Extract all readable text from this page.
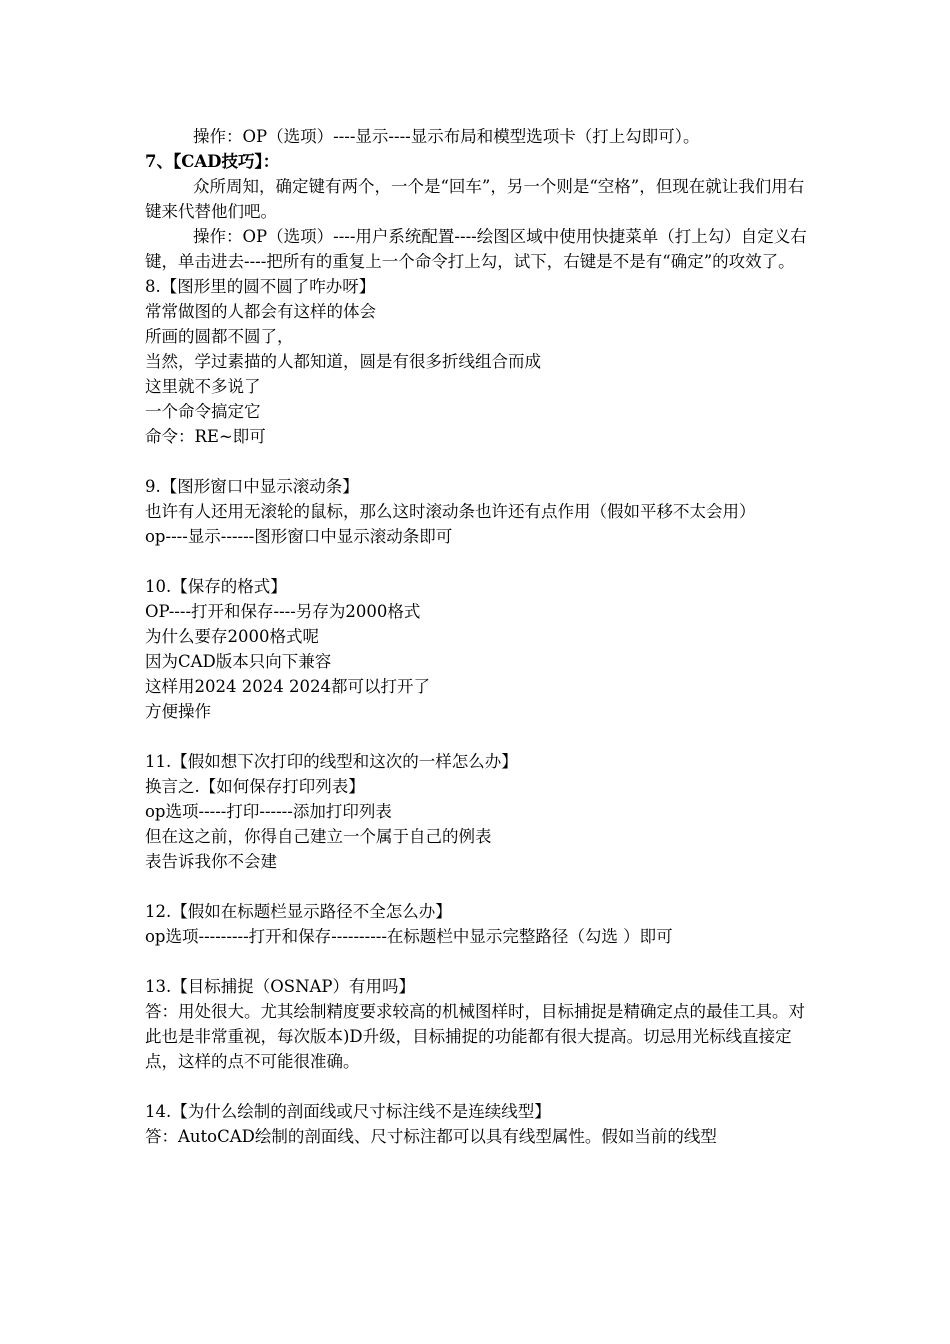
操作：OP（选项）----显示----显示布局和模型选项卡（打上勾即可）。
7、【CAD技巧】：

众所周知，确定键有两个，一个是“回车”，另一个则是“空格”，但现在就让我们用右键来代替他们吧。

操作：OP（选项）----用户系统配置----绘图区域中使用快捷菜单（打上勾）自定义右键，单击进去----把所有的重复上一个命令打上勾，试下，右键是不是有“确定”的攻效了。

8.【图形里的圆不圆了咋办呀】
常常做图的人都会有这样的体会
所画的圆都不圆了，
当然，学过素描的人都知道，圆是有很多折线组合而成
这里就不多说了
一个命令搞定它
命令：RE~即可
9.【图形窗口中显示滚动条】

也许有人还用无滚轮的鼠标，那么这时滚动条也许还有点作用（假如平移不太会用）

op----显示------图形窗口中显示滚动条即可
10.【保存的格式】
OP----打开和保存----另存为2000格式
为什么要存2000格式呢
因为CAD版本只向下兼容
这样用2024 2024 2024都可以打开了
方便操作
11.【假如想下次打印的线型和这次的一样怎么办】
换言之.【如何保存打印列表】
op选项-----打印------添加打印列表
但在这之前，你得自己建立一个属于自己的例表
表告诉我你不会建
12.【假如在标题栏显示路径不全怎么办】

op选项---------打开和保存----------在标题栏中显示完整路径（勾选 ）即可

13.【目标捕捉（OSNAP）有用吗】

答：用处很大。尤其绘制精度要求较高的机械图样时，目标捕捉是精确定点的最佳工具。对此也是非常重视，每次版本)D升级，目标捕捉的功能都有很大提高。切忌用光标线直接定点，这样的点不可能很准确。

14.【为什么绘制的剖面线或尺寸标注线不是连续线型】

答：AutoCAD绘制的剖面线、尺寸标注都可以具有线型属性。假如当前的线型
